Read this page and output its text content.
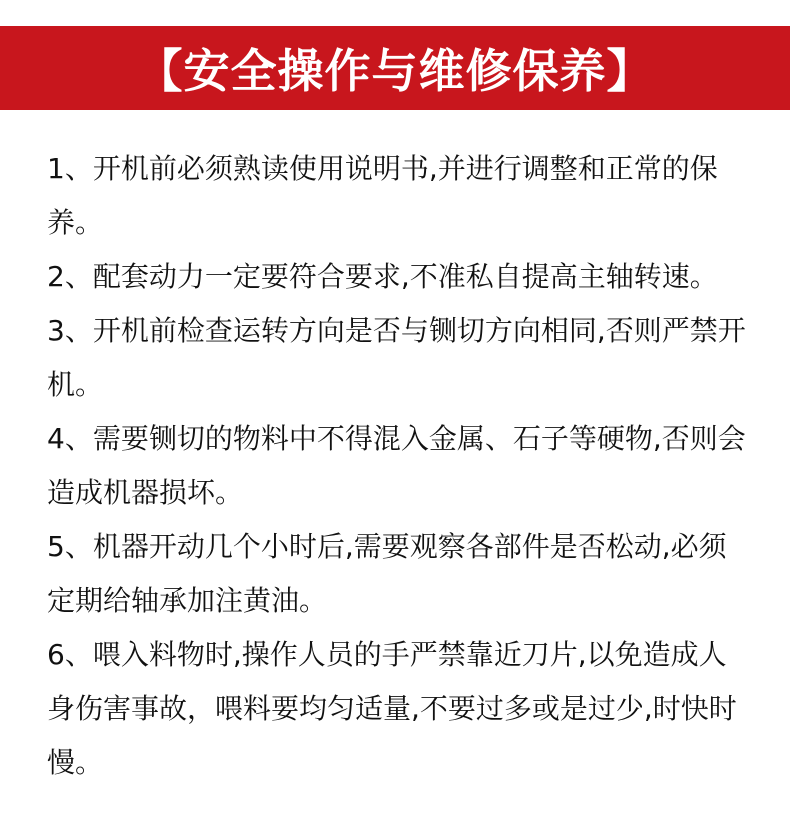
【安全操作与维修保养】
1、开机前必须熟读使用说明书,并进行调整和正常的保养。
2、配套动力一定要符合要求,不准私自提高主轴转速。
3、开机前检查运转方向是否与铡切方向相同,否则严禁开机。
4、需要铡切的物料中不得混入金属、石子等硬物,否则会造成机器损坏。
5、机器开动几个小时后,需要观察各部件是否松动,必须定期给轴承加注黄油。
6、喂入料物时,操作人员的手严禁靠近刀片,以免造成人身伤害事故，喂料要均匀适量,不要过多或是过少,时快时慢。
